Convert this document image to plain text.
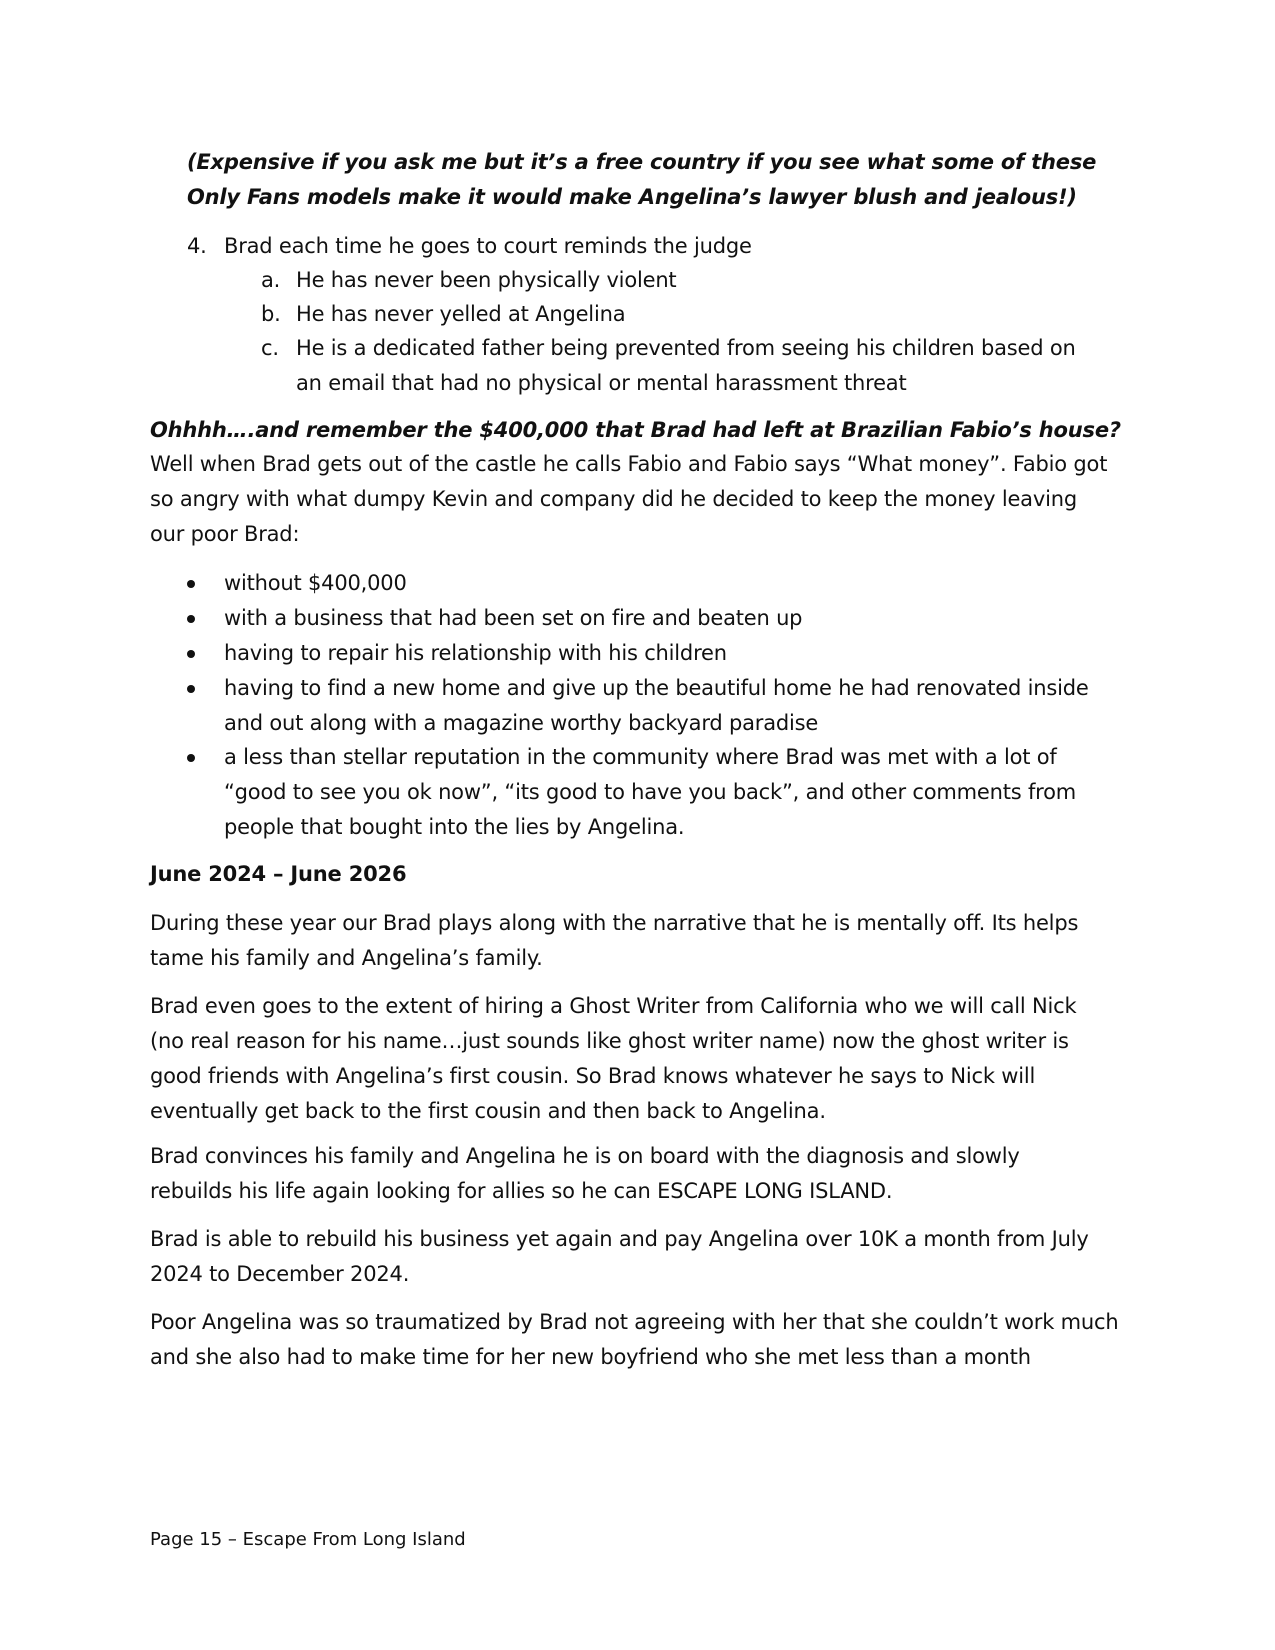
(Expensive if you ask me but it’s a free country if you see what some of these Only Fans models make it would make Angelina’s lawyer blush and jealous!)

4. Brad each time he goes to court reminds the judge
a. He has never been physically violent
b. He has never yelled at Angelina
c. He is a dedicated father being prevented from seeing his children based on an email that had no physical or mental harassment threat

Ohhhh….and remember the $400,000 that Brad had left at Brazilian Fabio’s house?

Well when Brad gets out of the castle he calls Fabio and Fabio says “What money”. Fabio got so angry with what dumpy Kevin and company did he decided to keep the money leaving our poor Brad:

without $400,000
with a business that had been set on fire and beaten up
having to repair his relationship with his children
having to find a new home and give up the beautiful home he had renovated inside and out along with a magazine worthy backyard paradise
a less than stellar reputation in the community where Brad was met with a lot of “good to see you ok now”, “its good to have you back”, and other comments from people that bought into the lies by Angelina.

June 2024 – June 2026

During these year our Brad plays along with the narrative that he is mentally off. Its helps tame his family and Angelina’s family.

Brad even goes to the extent of hiring a Ghost Writer from California who we will call Nick (no real reason for his name…just sounds like ghost writer name) now the ghost writer is good friends with Angelina’s first cousin. So Brad knows whatever he says to Nick will eventually get back to the first cousin and then back to Angelina.

Brad convinces his family and Angelina he is on board with the diagnosis and slowly rebuilds his life again looking for allies so he can ESCAPE LONG ISLAND.

Brad is able to rebuild his business yet again and pay Angelina over 10K a month from July 2024 to December 2024.

Poor Angelina was so traumatized by Brad not agreeing with her that she couldn’t work much and she also had to make time for her new boyfriend who she met less than a month

Page 15 – Escape From Long Island
